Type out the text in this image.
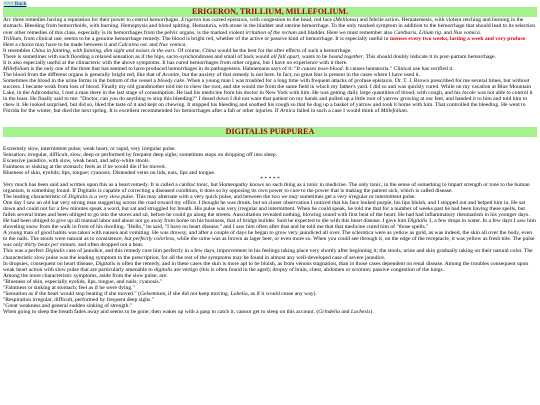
<<< Back
ERIGERON, TRILLIUM, MILLEFOLIUM.

Arc three remedies having a reputation for their power to control hemorrhages. Erigeron has cursed epistaxis, with congestion to the head, red face (Melilotus) and febrile action. Hematemesis, with violent retching and burning in the stomach. Bleeding from hemorrhoids, with burning. Hemoptysis and blood spitting. Hematuria, with stone in the bladder and uterine hemorrhage. To the only marked symptom in addition to the hemorrhage that should lead to its selection over other remedies of this class, especially is its hemorrhages from the pelvic organs, is the marked violent irritation of the rectum and bladder. Here we must remember also Cantharis, Lilium tig. and Nux vomica.

Trillium, from clinical use, seems to be a genuine hemorrhage remedy. The blood is bright red, whether of the active or passive kind of hemorrhage. It is especially useful in menses every two weeks, lasting a week and very profuse. Here a choice may have to be made between it and Calcarea ost. and Nux vomica.

It resembles China in fainting, with fainting, dim sight and noises in the ears. Of course, China would be the best for the after effects of such a hemorrhage.

There is sometimes with such flooding a relaxed sensation as if the hips, sacro-synchondroses and small of back would all fall apart, wants to be bound together. This should doubly indicate it in post-partum hemorrhage.

It is also especially useful at the climacteric with the above symptoms. It has cured hemorrhages from other organs, but I have no experience with it there.

Millefolium is the only one of the three that has seemed to have produced hemorrhages in its pathogenesis. Hahnemann says of it: "It causes nose-blood. It causes hematuria." Clinical use has verified it.

The blood from the different organs is generally bright red, like that of Aconite, but the anxiety of that remedy is not here. In fact, no great fear is present in the cases where I have used it.
Sometimes the blood in the urine forms in the bottom of the vessel a bloody cake. When a young man I was troubled for a long time with frequent attacks of profuse epistaxis. Dr. T. J. Brown prescribed for me several times, but without success. I became weak from loss of blood. Finally my old grandmother told me to chew the root, and she would me from the same field in which my father's yard. I did so and was quickly cured. While on my vacation at Blue Mountain Lake, in the Adirondacks, I met a man there in the last stage of consumption. He had his medicine from his doctor in New York with him. He was getting daily large quantities of blood, with cough, and his locale was not able to control it in the least. He finally said to me: "Doctor, can you do anything to stop this bleeding?" I dosed down I did not want that patient on my hands and pulled up a little root of yarrow growing at our feet, and handed it to him and told him to chew it. He looked surprised, but did so, liked the taste of it and kept on chewing. It stopped his bleeding and soothed his cough so that he dug up a basket of yarrow and took it home with him. That controlled the bleeding. He went to Florida for the winter, but died the next spring. It is excellent recommended for hemorrhages after a fall or other injuries. If Arnica failed in such a case I would think of Millefolium.

DIGITALIS PURPUREA

Extremely slow, intermittent pulse; weak heart; or rapid, very irregular pulse.

Sensation; irregular, difficult, slow, deep or performed by frequent deep sighs; sometimes stops on dropping off into sleep.

Excessive jaundice, with slow, weak heart, and ashy-white stools.

Faintness or sinking at the stomach; feels as if he would die if he moved.

Blueness of skin, eyelids; lips, tongue; cyanosis. Distended veins on lids, ears, lips and tongue.

* * * * *

Very much has been said and written upon this as a heart remedy. It is called a cardiac tonic, but Homeopathy knows no such thing as a tonic in medicine. The only tonic, in the sense of something to impart strength or tone to the human organism, is something found. If Digitalis is capable of correcting a diseased condition, it does so by opposing its own power to cure to the power that is making the patient sick, which is called disease.

The leading characteristic of Digitalis is a very slow pulse. This may alternate with a very quick pulse, and between the two we may sometimes get a very irregular or intermittent pulse.

One day I saw an old hat very strong man staggering across the road toward my office. I thought he was drunk, but on closer observation I noticed that his face looked purple, his lips bluish, and I stopped out and helped him in. He sat down and could not for a few minutes speak a word, but sat and struggled for breath. His pulse was very irregular and intermittent. When he could speak, he told me that for a number of weeks past he had been having these spells, but fallen several times and been obliged to go into the stores and sit, before he could go along the streets. Auscultation revealed nothing, blowing sound with first beat of the heart. He had had inflammatory rheumatism in his younger days. He had been obliged to give up all manual labor and about not go away from home on his business, that of bridge builder. Said he expected to die with this heart disease. I gave him Digitalis 3, a few drops in water. In a few days I saw him shoveling snow from the walk in front of his dwelling. "Hello," he said, "I have no heart disease;" and I saw him often after that and he told me that that medicine cured him of "those spells."

A young man of good habits was taken with nausea and vomiting. He was drowsy, and after a couple of days he began to grow very jaundiced all over. The sclerotica were as yellow as gold, as was indeed, the skin all over the body, even to the nails. The stools were natural as to consistence, but perfectly colorless, while the urine was as brown as lager beer, or even more so. When you could see through it, on the edge of the receptacle, it was yellow as fresh bile. The pulse was only thirty beats per minute, and often dropped out a beat.

This was a perfect Digitalis case of jaundice, and this remedy cure him perfectly in a few days, improvement in his feelings taking place very shortly after beginning it; the stools, urine and skin gradually taking on their natural color. The characteristic slow pulse was the leading symptom to the prescription, for all the rest of the symptoms may be found in almost any well-developed case of severe jaundice.

In dropsies, consequent on heart disease, Digitalis is often the remedy, and in these cases the skin is more apt to be bluish, as from venous stagnation, than in those cases dependent on renal disease. Among the troubles consequent upon weak heart action with slow pulse that are particularly amenable to digitalis are vertigo (this is often found in the aged); dropsy of brain, chest, abdomen or scrotum; passive congestion of the lungs.

Among the more characteristic symptoms, aside from the slow pulse, are:

"Blueness of skin, especially eyelids, lips, tongue, and nails; cyanosis."

"Faintness or sinking at stomach; feel as if he were dying."

"Sensation as if the heart would stop beating if she moved." (Gelsemium, if she did not keep moving. Lobelia, as if it would cease any way).

"Respiration irregular, difficult, performed by frequent deep sighs."

"Great weakness and general sudden sinking of strength."

When going to sleep the breath fades away and seems to be gone; then wakes up with a gasp to catch it, cannot get to sleep on this account. (Grindelia and Lachesis).
